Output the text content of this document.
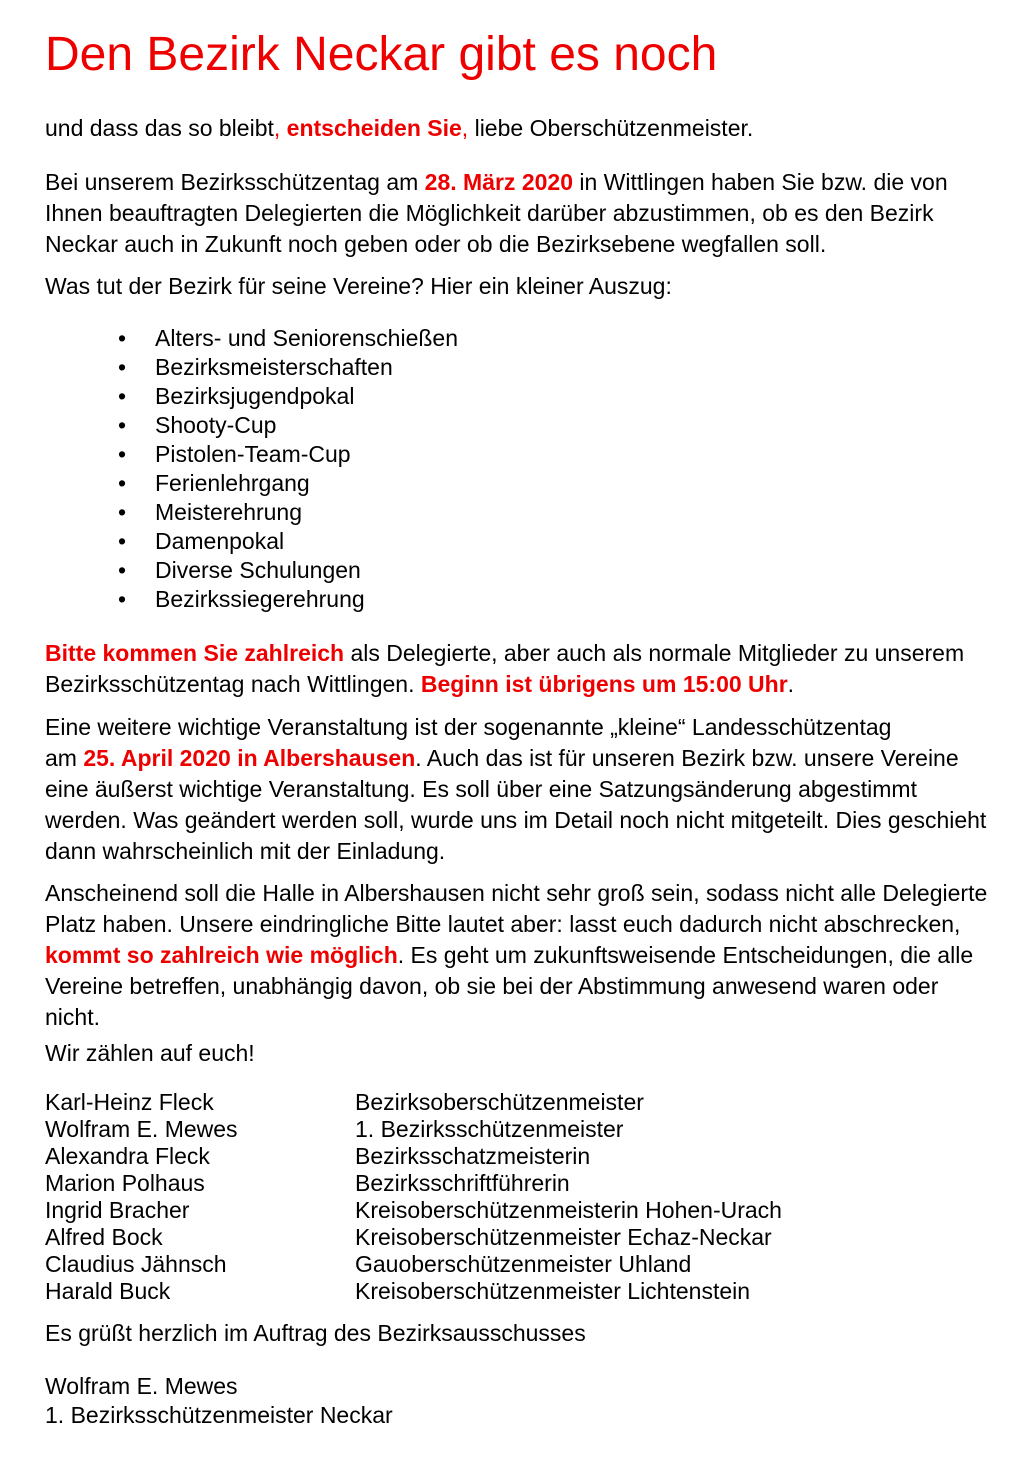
Den Bezirk Neckar gibt es noch

und dass das so bleibt, entscheiden Sie, liebe Oberschützenmeister.

Bei unserem Bezirksschützentag am 28. März 2020 in Wittlingen haben Sie bzw. die von Ihnen beauftragten Delegierten die Möglichkeit darüber abzustimmen, ob es den Bezirk Neckar auch in Zukunft noch geben oder ob die Bezirksebene wegfallen soll.

Was tut der Bezirk für seine Vereine? Hier ein kleiner Auszug:

• Alters- und Seniorenschießen
• Bezirksmeisterschaften
• Bezirksjugendpokal
• Shooty-Cup
• Pistolen-Team-Cup
• Ferienlehrgang
• Meisterehrung
• Damenpokal
• Diverse Schulungen
• Bezirkssiegerehrung

Bitte kommen Sie zahlreich als Delegierte, aber auch als normale Mitglieder zu unserem Bezirksschützentag nach Wittlingen. Beginn ist übrigens um 15:00 Uhr.

Eine weitere wichtige Veranstaltung ist der sogenannte „kleine“ Landesschützentag
am 25. April 2020 in Albershausen. Auch das ist für unseren Bezirk bzw. unsere Vereine eine äußerst wichtige Veranstaltung. Es soll über eine Satzungsänderung abgestimmt werden. Was geändert werden soll, wurde uns im Detail noch nicht mitgeteilt. Dies geschieht dann wahrscheinlich mit der Einladung.

Anscheinend soll die Halle in Albershausen nicht sehr groß sein, sodass nicht alle Delegierte Platz haben. Unsere eindringliche Bitte lautet aber: lasst euch dadurch nicht abschrecken, kommt so zahlreich wie möglich. Es geht um zukunftsweisende Entscheidungen, die alle Vereine betreffen, unabhängig davon, ob sie bei der Abstimmung anwesend waren oder nicht.

Wir zählen auf euch!

Karl-Heinz Fleck	Bezirksoberschützenmeister
Wolfram E. Mewes	1. Bezirksschützenmeister
Alexandra Fleck	Bezirksschatzmeisterin
Marion Polhaus	Bezirksschriftführerin
Ingrid Bracher	Kreisoberschützenmeisterin Hohen-Urach
Alfred Bock	Kreisoberschützenmeister Echaz-Neckar
Claudius Jähnsch	Gauoberschützenmeister Uhland
Harald Buck	Kreisoberschützenmeister Lichtenstein

Es grüßt herzlich im Auftrag des Bezirksausschusses

Wolfram E. Mewes
1. Bezirksschützenmeister Neckar
